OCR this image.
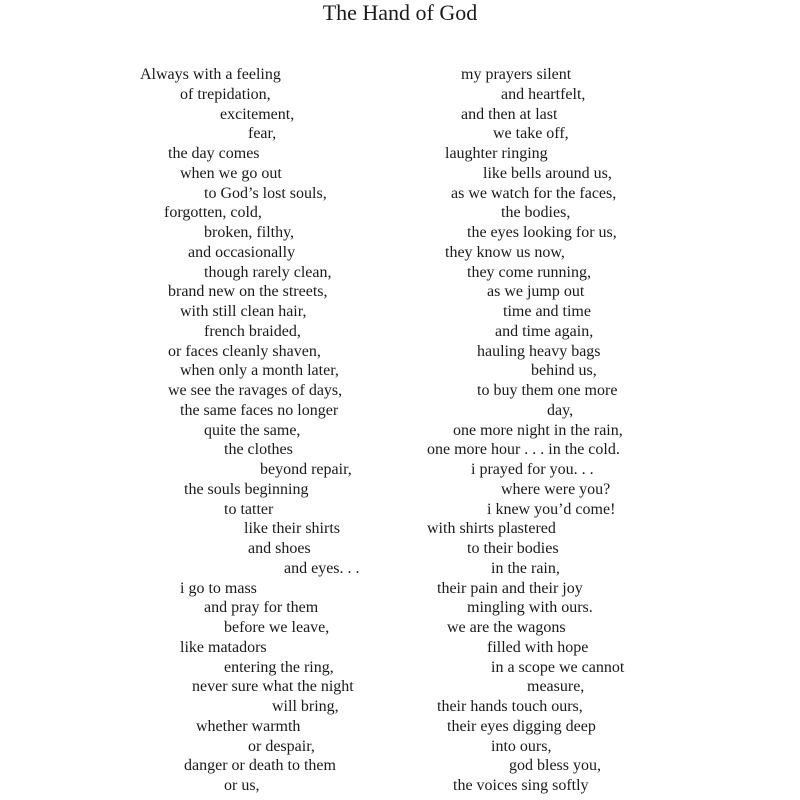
The Hand of God
Always with a feeling
of trepidation,
excitement,
fear,
the day comes
when we go out
to God’s lost souls,
forgotten, cold,
broken, filthy,
and occasionally
though rarely clean,
brand new on the streets,
with still clean hair,
french braided,
or faces cleanly shaven,
when only a month later,
we see the ravages of days,
the same faces no longer
quite the same,
the clothes
beyond repair,
the souls beginning
to tatter
like their shirts
and shoes
and eyes. . .
i go to mass
and pray for them
before we leave,
like matadors
entering the ring,
never sure what the night
will bring,
whether warmth
or despair,
danger or death to them
or us,
my prayers silent
and heartfelt,
and then at last
we take off,
laughter ringing
like bells around us,
as we watch for the faces,
the bodies,
the eyes looking for us,
they know us now,
they come running,
as we jump out
time and time
and time again,
hauling heavy bags
behind us,
to buy them one more
day,
one more night in the rain,
one more hour . . . in the cold.
i prayed for you. . .
where were you?
i knew you’d come!
with shirts plastered
to their bodies
in the rain,
their pain and their joy
mingling with ours.
we are the wagons
filled with hope
in a scope we cannot
measure,
their hands touch ours,
their eyes digging deep
into ours,
god bless you,
the voices sing softly
